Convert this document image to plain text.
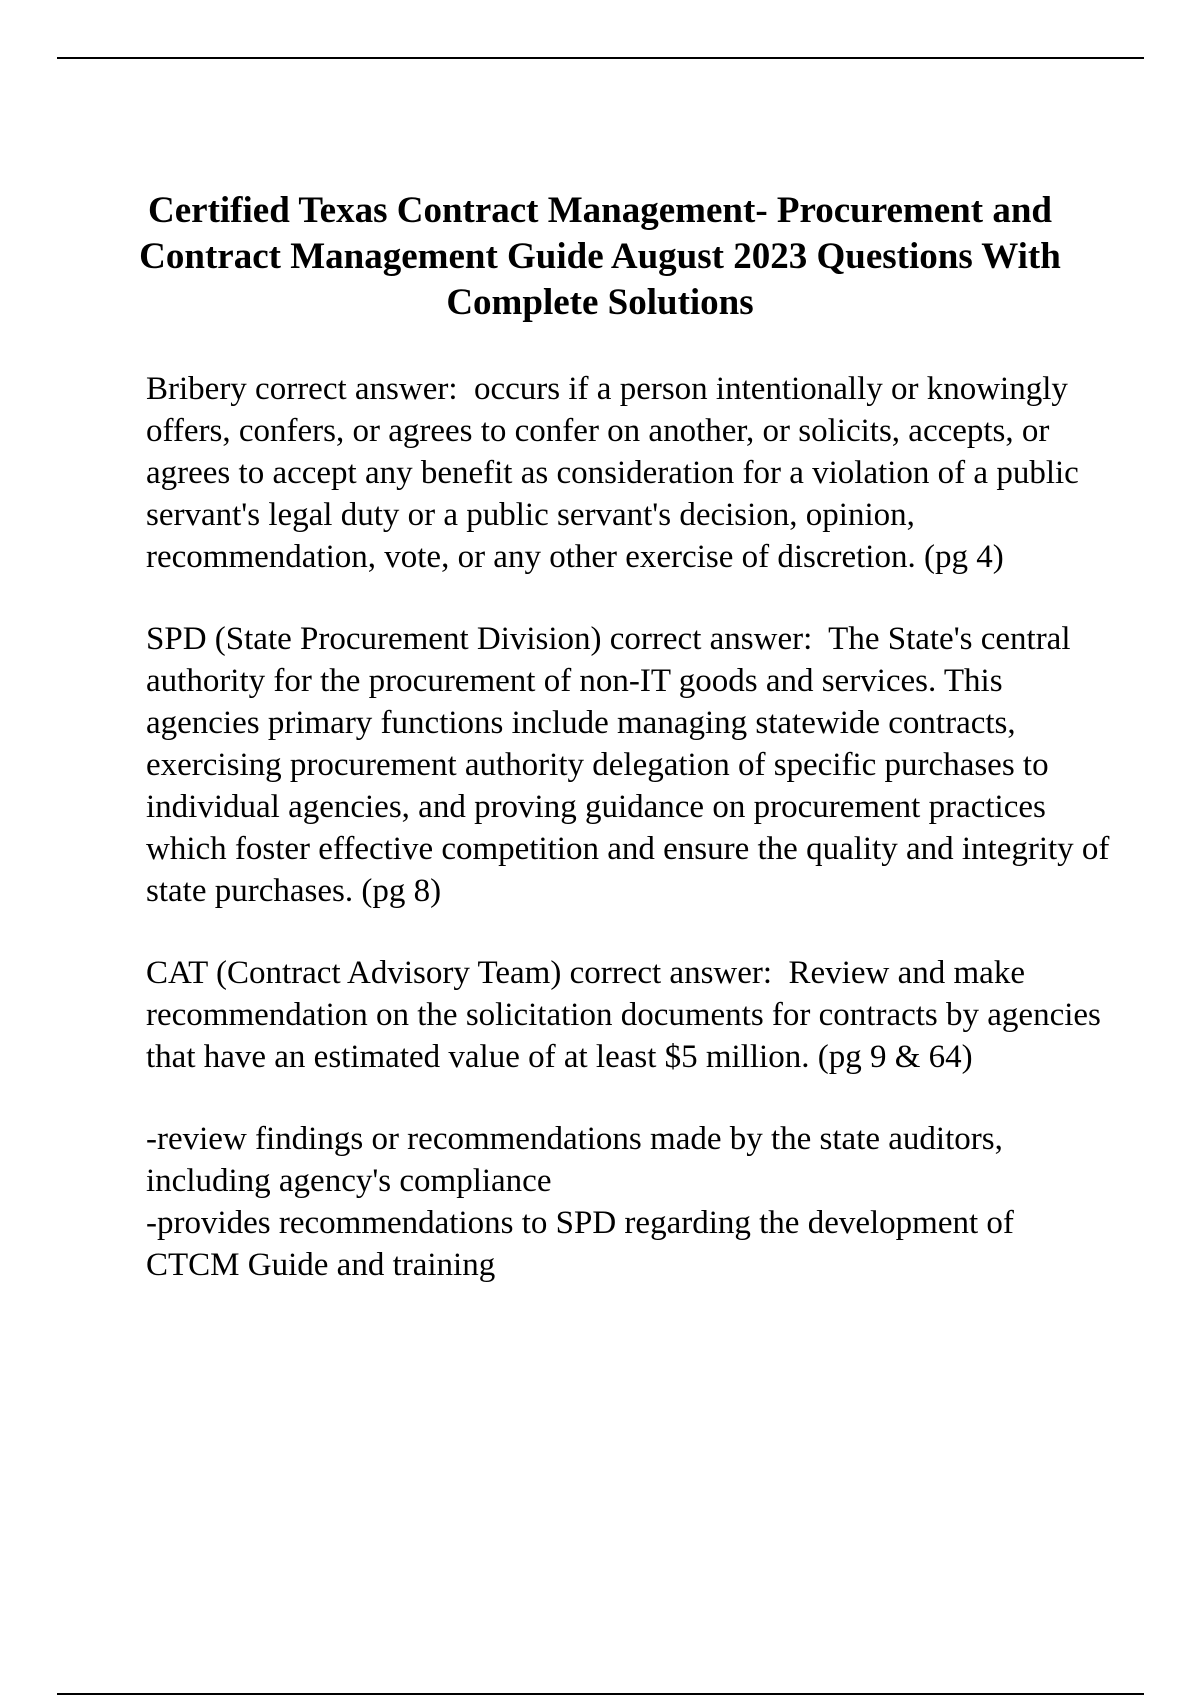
Certified Texas Contract Management- Procurement and Contract Management Guide August 2023 Questions With Complete Solutions

Bribery correct answer:  occurs if a person intentionally or knowingly offers, confers, or agrees to confer on another, or solicits, accepts, or agrees to accept any benefit as consideration for a violation of a public servant's legal duty or a public servant's decision, opinion, recommendation, vote, or any other exercise of discretion. (pg 4)

SPD (State Procurement Division) correct answer:  The State's central authority for the procurement of non-IT goods and services. This agencies primary functions include managing statewide contracts, exercising procurement authority delegation of specific purchases to individual agencies, and proving guidance on procurement practices which foster effective competition and ensure the quality and integrity of state purchases. (pg 8)

CAT (Contract Advisory Team) correct answer:  Review and make recommendation on the solicitation documents for contracts by agencies that have an estimated value of at least $5 million. (pg 9 & 64)

-review findings or recommendations made by the state auditors, including agency's compliance
-provides recommendations to SPD regarding the development of CTCM Guide and training
